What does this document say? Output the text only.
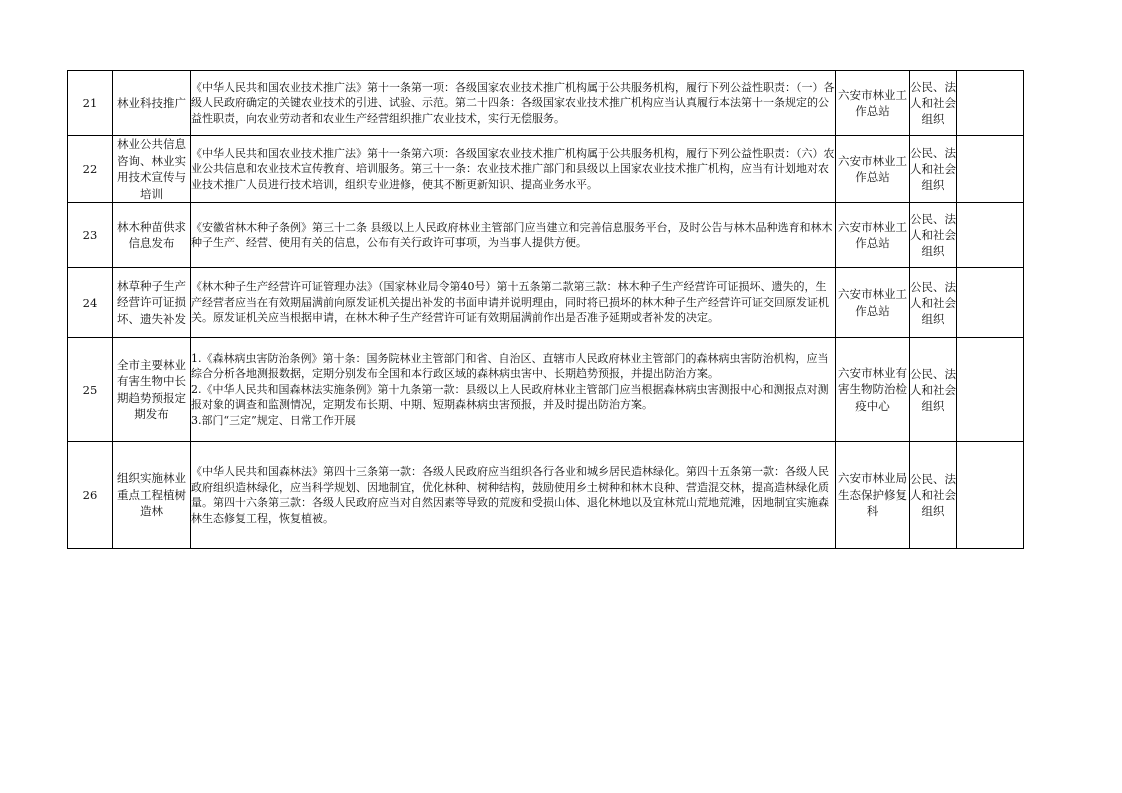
21	林业科技推广	《中华人民共和国农业技术推广法》第十一条第一项：各级国家农业技术推广机构属于公共服务机构，履行下列公益性职责：（一）各级人民政府确定的关键农业技术的引进、试验、示范。第二十四条：各级国家农业技术推广机构应当认真履行本法第十一条规定的公益性职责，向农业劳动者和农业生产经营组织推广农业技术，实行无偿服务。	六安市林业工作总站	公民、法人和社会组织	

22	林业公共信息咨询、林业实用技术宣传与培训	《中华人民共和国农业技术推广法》第十一条第六项：各级国家农业技术推广机构属于公共服务机构，履行下列公益性职责：（六）农业公共信息和农业技术宣传教育、培训服务。第三十一条：农业技术推广部门和县级以上国家农业技术推广机构，应当有计划地对农业技术推广人员进行技术培训，组织专业进修，使其不断更新知识、提高业务水平。	六安市林业工作总站	公民、法人和社会组织	

23	林木种苗供求信息发布	《安徽省林木种子条例》第三十二条 县级以上人民政府林业主管部门应当建立和完善信息服务平台，及时公告与林木品种选育和林木种子生产、经营、使用有关的信息，公布有关行政许可事项，为当事人提供方便。	六安市林业工作总站	公民、法人和社会组织	

24	林草种子生产经营许可证损坏、遗失补发	《林木种子生产经营许可证管理办法》（国家林业局令第40号）第十五条第二款第三款：林木种子生产经营许可证损坏、遗失的，生产经营者应当在有效期届满前向原发证机关提出补发的书面申请并说明理由，同时将已损坏的林木种子生产经营许可证交回原发证机关。原发证机关应当根据申请，在林木种子生产经营许可证有效期届满前作出是否准予延期或者补发的决定。	六安市林业工作总站	公民、法人和社会组织	

25	全市主要林业有害生物中长期趋势预报定期发布	1.《森林病虫害防治条例》第十条：国务院林业主管部门和省、自治区、直辖市人民政府林业主管部门的森林病虫害防治机构，应当综合分析各地测报数据，定期分别发布全国和本行政区域的森林病虫害中、长期趋势预报，并提出防治方案。
2.《中华人民共和国森林法实施条例》第十九条第一款：县级以上人民政府林业主管部门应当根据森林病虫害测报中心和测报点对测报对象的调查和监测情况，定期发布长期、中期、短期森林病虫害预报，并及时提出防治方案。
3.部门“三定”规定、日常工作开展	六安市林业有害生物防治检疫中心	公民、法人和社会组织	

26	组织实施林业重点工程植树造林	《中华人民共和国森林法》第四十三条第一款：各级人民政府应当组织各行各业和城乡居民造林绿化。第四十五条第一款：各级人民政府组织造林绿化，应当科学规划、因地制宜，优化林种、树种结构，鼓励使用乡土树种和林木良种、营造混交林，提高造林绿化质量。第四十六条第三款：各级人民政府应当对自然因素等导致的荒废和受损山体、退化林地以及宜林荒山荒地荒滩，因地制宜实施森林生态修复工程，恢复植被。	六安市林业局生态保护修复科	公民、法人和社会组织	
